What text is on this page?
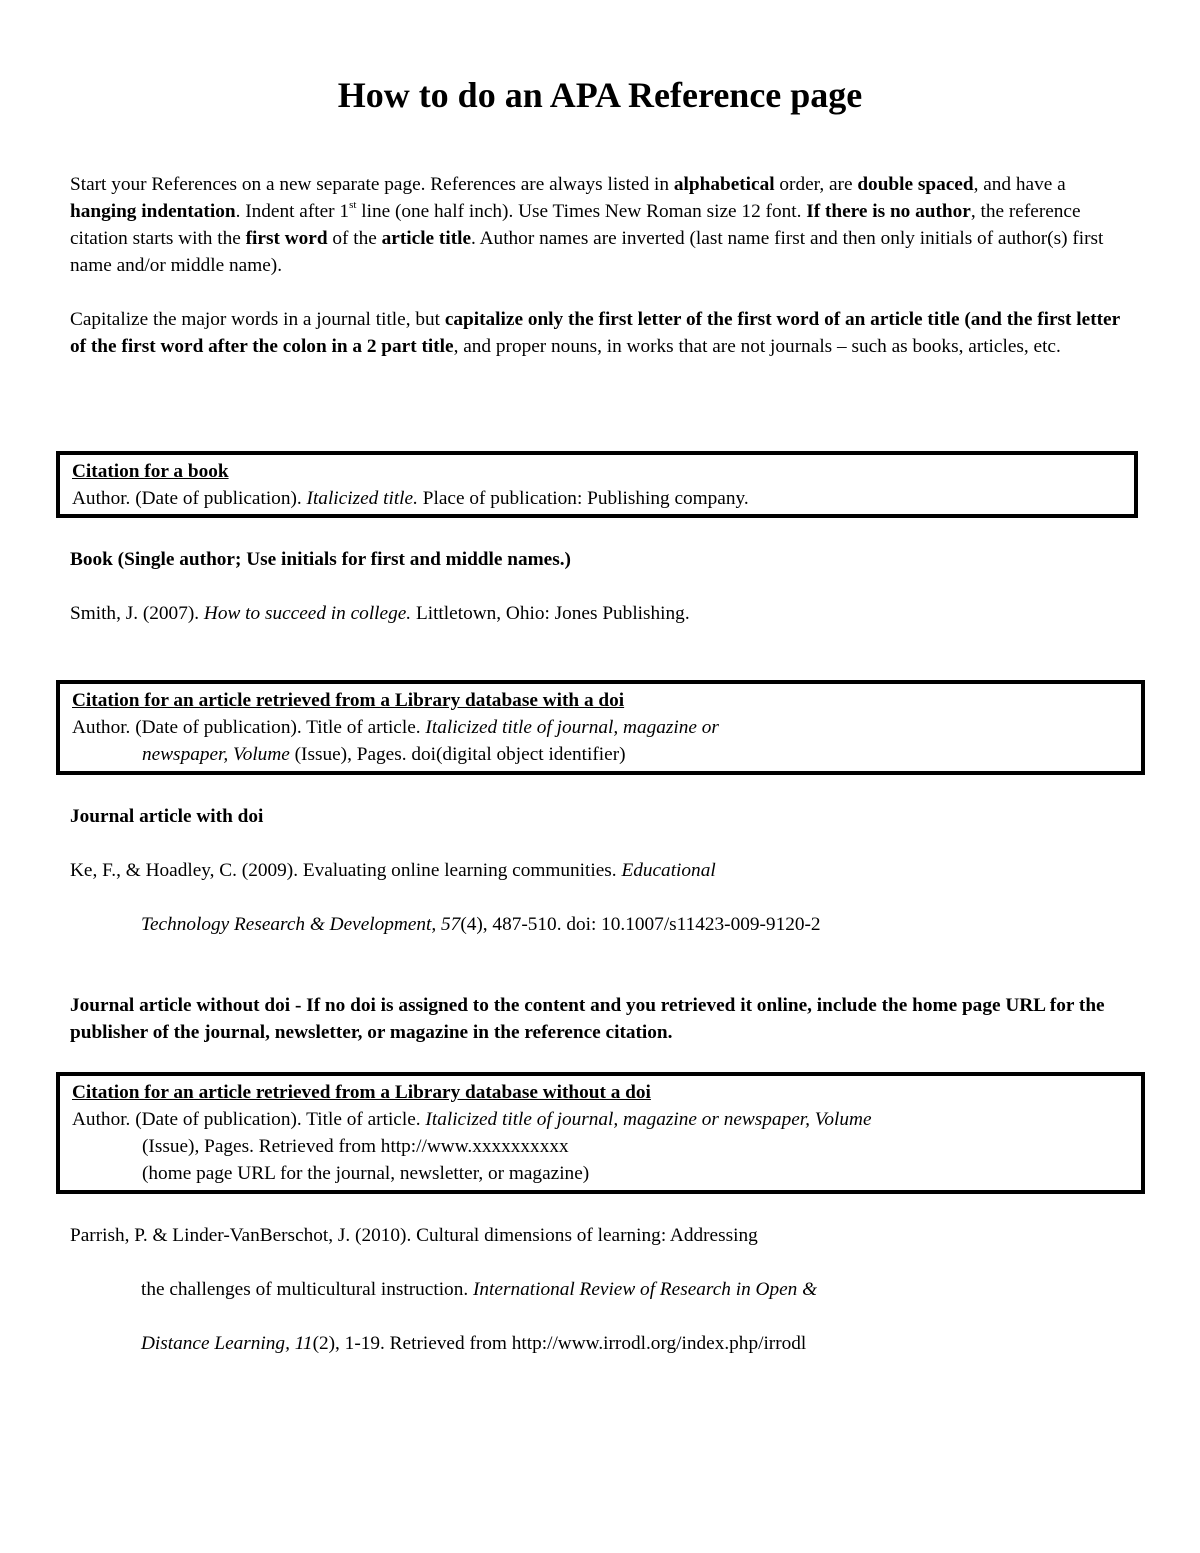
How to do an APA Reference page
Start your References on a new separate page. References are always listed in alphabetical order, are double spaced, and have a hanging indentation. Indent after 1st line (one half inch). Use Times New Roman size 12 font. If there is no author, the reference citation starts with the first word of the article title. Author names are inverted (last name first and then only initials of author(s) first name and/or middle name).
Capitalize the major words in a journal title, but capitalize only the first letter of the first word of an article title (and the first letter of the first word after the colon in a 2 part title, and proper nouns, in works that are not journals – such as books, articles, etc.
Citation for a book
Author. (Date of publication). Italicized title. Place of publication: Publishing company.
Book (Single author; Use initials for first and middle names.)
Smith, J. (2007). How to succeed in college. Littletown, Ohio: Jones Publishing.
Citation for an article retrieved from a Library database with a doi
Author. (Date of publication). Title of article. Italicized title of journal, magazine or
newspaper, Volume (Issue), Pages. doi(digital object identifier)
Journal article with doi
Ke, F., & Hoadley, C. (2009). Evaluating online learning communities. Educational
Technology Research & Development, 57(4), 487-510. doi: 10.1007/s11423-009-9120-2
Journal article without doi - If no doi is assigned to the content and you retrieved it online, include the home page URL for the publisher of the journal, newsletter, or magazine in the reference citation.
Citation for an article retrieved from a Library database without a doi
Author. (Date of publication). Title of article. Italicized title of journal, magazine or newspaper, Volume
(Issue), Pages. Retrieved from http://www.xxxxxxxxxx
(home page URL for the journal, newsletter, or magazine)
Parrish, P. & Linder-VanBerschot, J. (2010). Cultural dimensions of learning: Addressing
the challenges of multicultural instruction. International Review of Research in Open &
Distance Learning, 11(2), 1-19. Retrieved from http://www.irrodl.org/index.php/irrodl
